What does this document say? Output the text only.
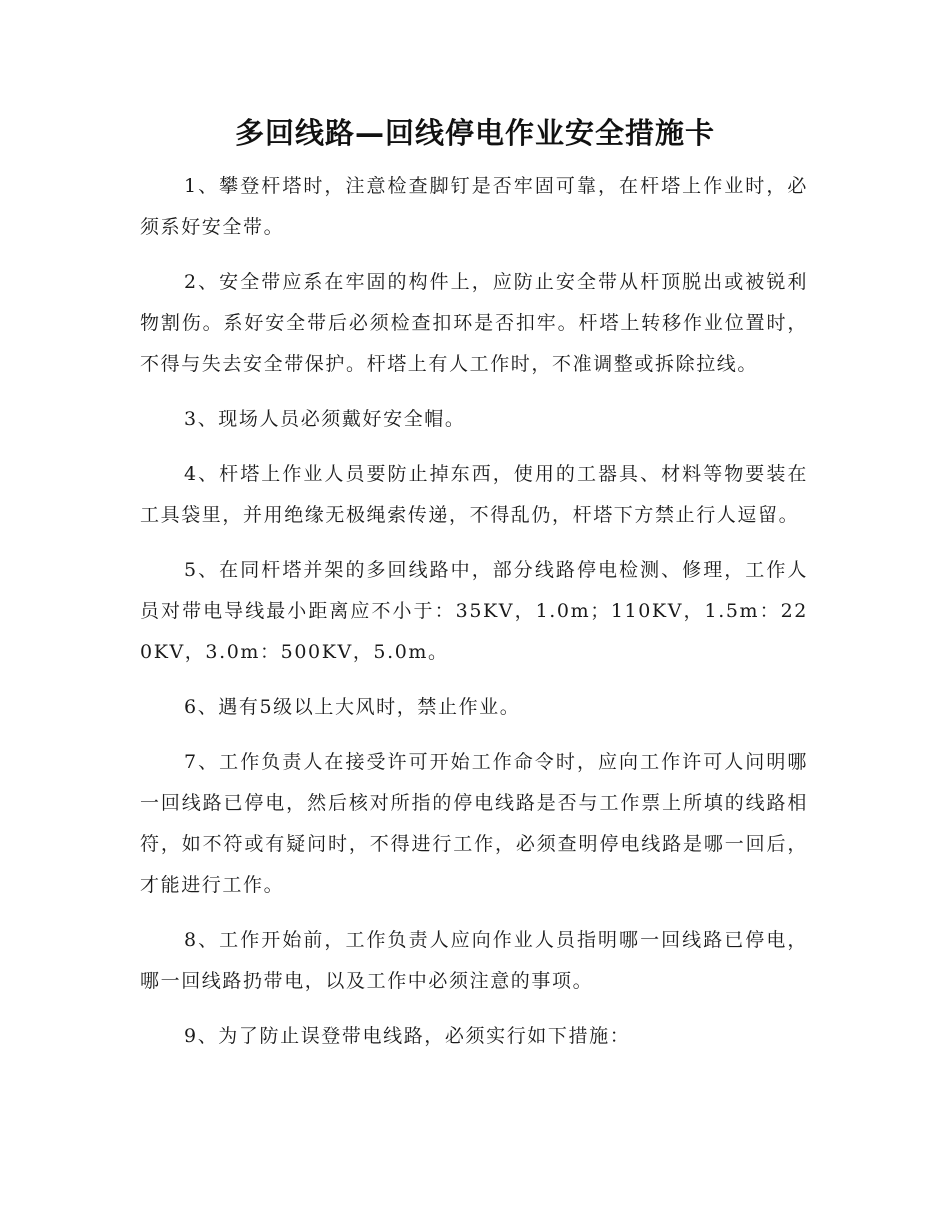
多回线路—回线停电作业安全措施卡

1、攀登杆塔时，注意检查脚钉是否牢固可靠，在杆塔上作业时，必须系好安全带。

2、安全带应系在牢固的构件上，应防止安全带从杆顶脱出或被锐利物割伤。系好安全带后必须检查扣环是否扣牢。杆塔上转移作业位置时，不得与失去安全带保护。杆塔上有人工作时，不准调整或拆除拉线。

3、现场人员必须戴好安全帽。

4、杆塔上作业人员要防止掉东西，使用的工器具、材料等物要装在工具袋里，并用绝缘无极绳索传递，不得乱仍，杆塔下方禁止行人逗留。

5、在同杆塔并架的多回线路中，部分线路停电检测、修理，工作人员对带电导线最小距离应不小于：35KV，1.0m；110KV，1.5m：220KV，3.0m：500KV，5.0m。

6、遇有5级以上大风时，禁止作业。

7、工作负责人在接受许可开始工作命令时，应向工作许可人问明哪一回线路已停电，然后核对所指的停电线路是否与工作票上所填的线路相符，如不符或有疑问时，不得进行工作，必须查明停电线路是哪一回后，才能进行工作。

8、工作开始前，工作负责人应向作业人员指明哪一回线路已停电，哪一回线路扔带电，以及工作中必须注意的事项。

9、为了防止误登带电线路，必须实行如下措施：
